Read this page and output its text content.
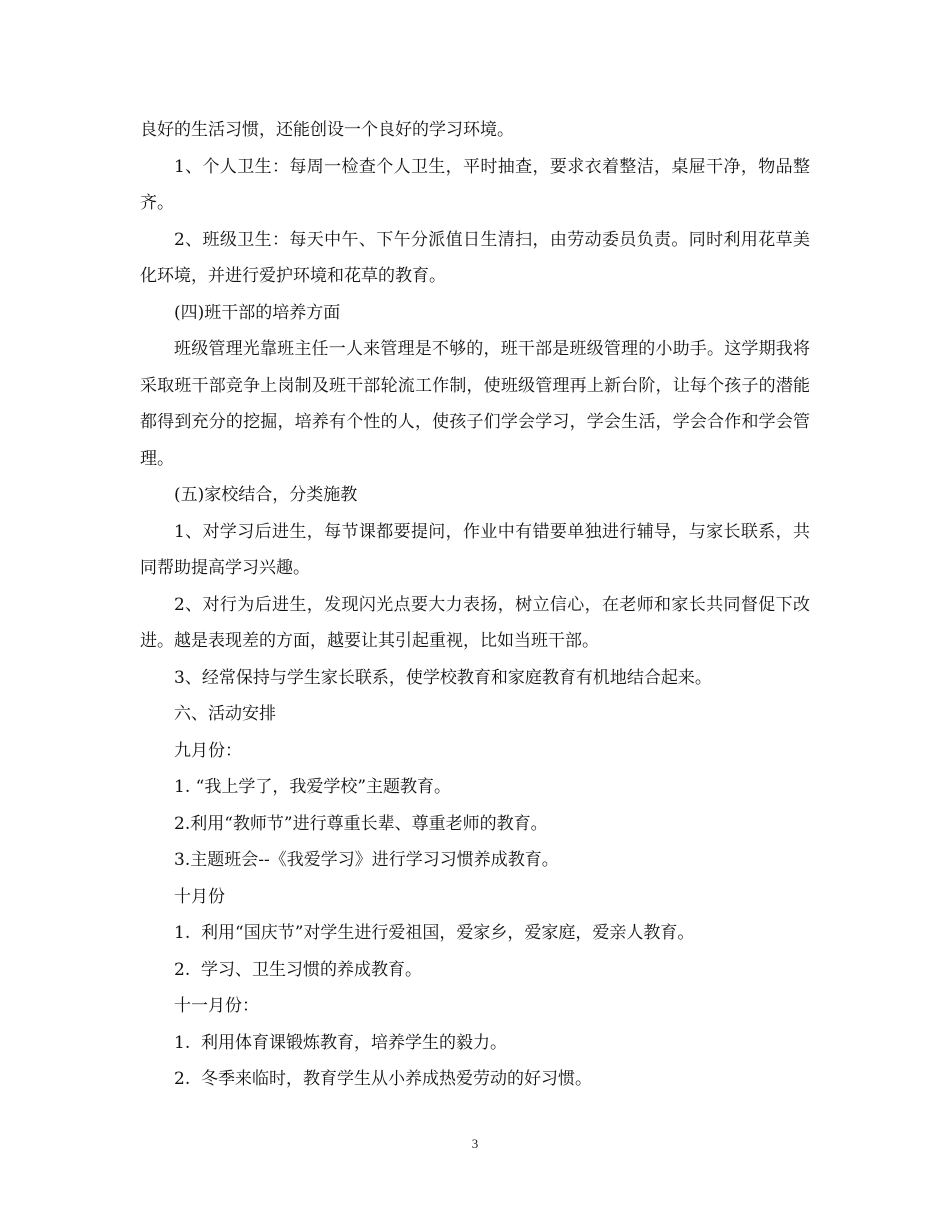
良好的生活习惯，还能创设一个良好的学习环境。

1、个人卫生：每周一检查个人卫生，平时抽查，要求衣着整洁，桌屉干净，物品整齐。

2、班级卫生：每天中午、下午分派值日生清扫，由劳动委员负责。同时利用花草美化环境，并进行爱护环境和花草的教育。

(四)班干部的培养方面

班级管理光靠班主任一人来管理是不够的，班干部是班级管理的小助手。这学期我将采取班干部竞争上岗制及班干部轮流工作制，使班级管理再上新台阶，让每个孩子的潜能都得到充分的挖掘，培养有个性的人，使孩子们学会学习，学会生活，学会合作和学会管理。

(五)家校结合，分类施教

1、对学习后进生，每节课都要提问，作业中有错要单独进行辅导，与家长联系，共同帮助提高学习兴趣。

2、对行为后进生，发现闪光点要大力表扬，树立信心，在老师和家长共同督促下改进。越是表现差的方面，越要让其引起重视，比如当班干部。

3、经常保持与学生家长联系，使学校教育和家庭教育有机地结合起来。

六、活动安排

九月份：

1. “我上学了，我爱学校”主题教育。

2.利用“教师节”进行尊重长辈、尊重老师的教育。

3.主题班会--《我爱学习》进行学习习惯养成教育。

十月份

1.  利用“国庆节”对学生进行爱祖国，爱家乡，爱家庭，爱亲人教育。

2.  学习、卫生习惯的养成教育。

十一月份：

1.  利用体育课锻炼教育，培养学生的毅力。

2.  冬季来临时，教育学生从小养成热爱劳动的好习惯。

3
